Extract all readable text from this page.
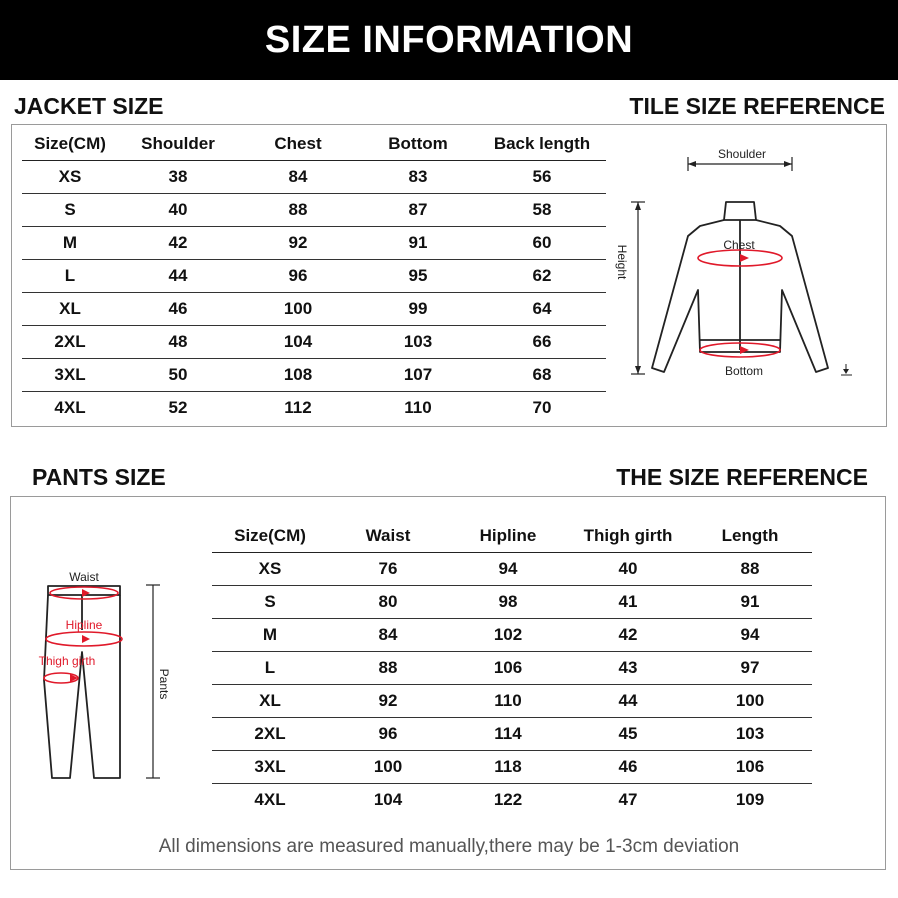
SIZE INFORMATION
JACKET SIZE	TILE SIZE REFERENCE
Size(CM)	Shoulder	Chest	Bottom	Back length
XS	38	84	83	56
S	40	88	87	58
M	42	92	91	60
L	44	96	95	62
XL	46	100	99	64
2XL	48	104	103	66
3XL	50	108	107	68
4XL	52	112	110	70
Shoulder
Height	Chest
Bottom
PANTS SIZE	THE SIZE REFERENCE
Waist
Hipline
Thigh girth
Pants
Size(CM)	Waist	Hipline	Thigh girth	Length
XS	76	94	40	88
S	80	98	41	91
M	84	102	42	94
L	88	106	43	97
XL	92	110	44	100
2XL	96	114	45	103
3XL	100	118	46	106
4XL	104	122	47	109
All dimensions are measured manually,there may be 1-3cm deviation
